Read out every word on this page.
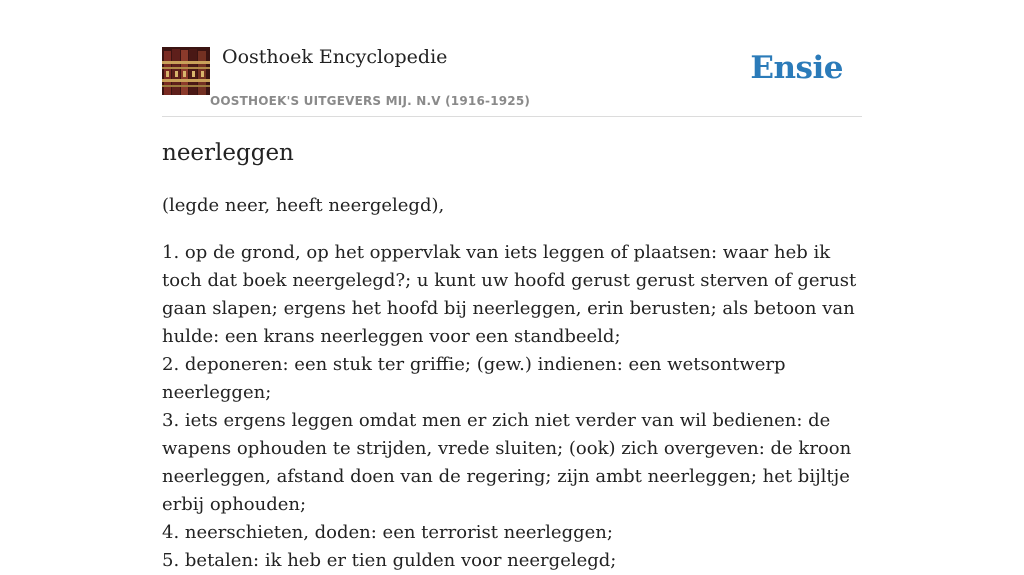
Oosthoek Encyclopedie
OOSTHOEK'S UITGEVERS MIJ. N.V (1916-1925)
Ensie
neerleggen
(legde neer, heeft neergelegd),
1. op de grond, op het oppervlak van iets leggen of plaatsen: waar heb ik toch dat boek neergelegd?; u kunt uw hoofd gerust gerust sterven of gerust gaan slapen; ergens het hoofd bij neerleggen, erin berusten; als betoon van hulde: een krans neerleggen voor een standbeeld;
2. deponeren: een stuk ter griffie; (gew.) indienen: een wetsontwerp neerleggen;
3. iets ergens leggen omdat men er zich niet verder van wil bedienen: de wapens ophouden te strijden, vrede sluiten; (ook) zich overgeven: de kroon neerleggen, afstand doen van de regering; zijn ambt neerleggen; het bijltje erbij ophouden;
4. neerschieten, doden: een terrorist neerleggen;
5. betalen: ik heb er tien gulden voor neergelegd;
